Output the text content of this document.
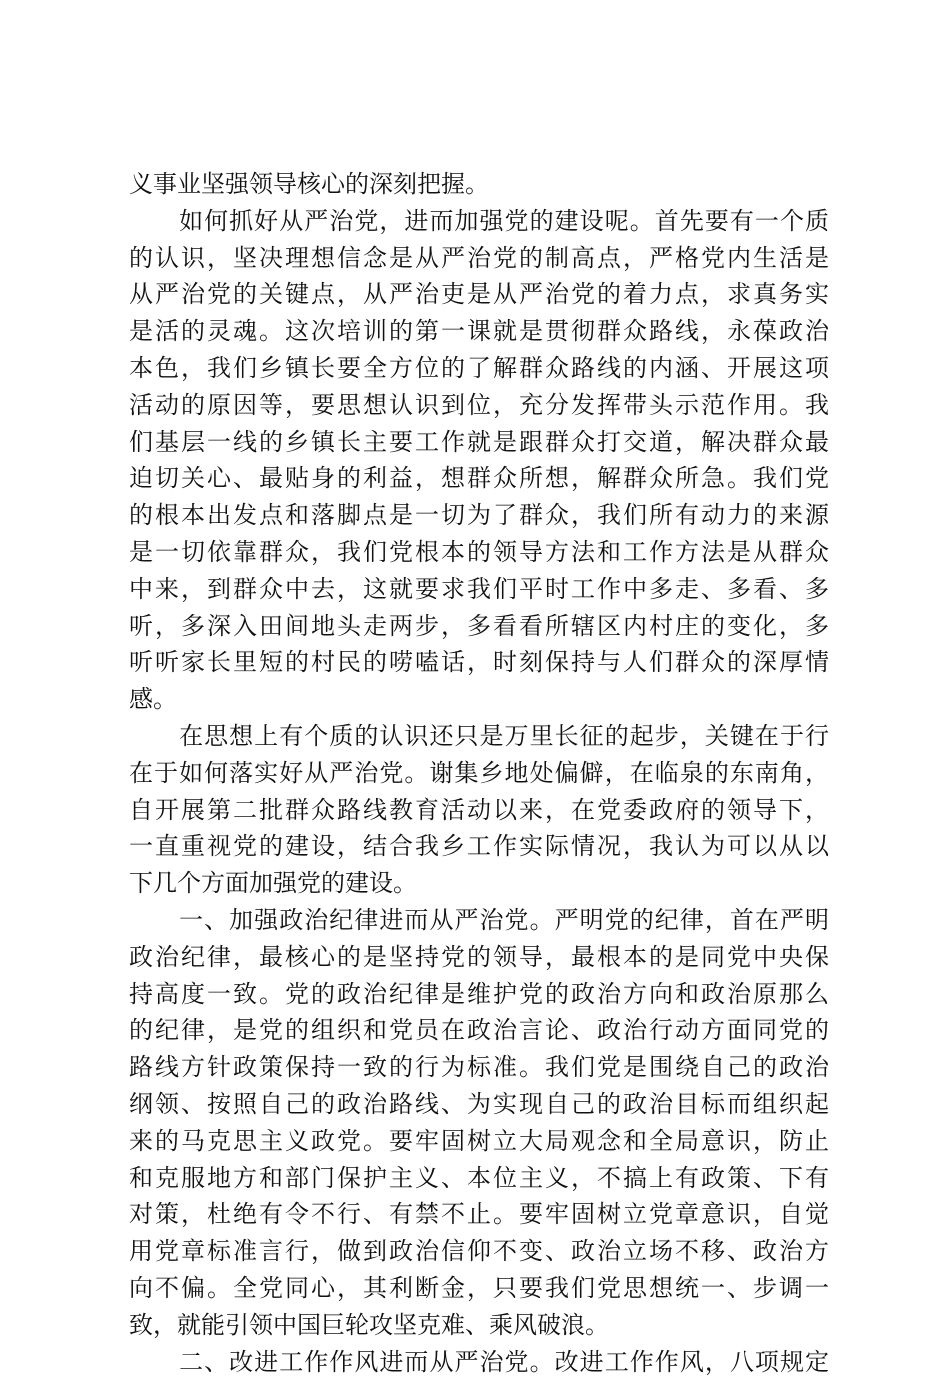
义事业坚强领导核心的深刻把握。
　　如何抓好从严治党，进而加强党的建设呢。首先要有一个质
的认识，坚决理想信念是从严治党的制高点，严格党内生活是
从严治党的关键点，从严治吏是从严治党的着力点，求真务实
是活的灵魂。这次培训的第一课就是贯彻群众路线，永葆政治
本色，我们乡镇长要全方位的了解群众路线的内涵、开展这项
活动的原因等，要思想认识到位，充分发挥带头示范作用。我
们基层一线的乡镇长主要工作就是跟群众打交道，解决群众最
迫切关心、最贴身的利益，想群众所想，解群众所急。我们党
的根本出发点和落脚点是一切为了群众，我们所有动力的来源
是一切依靠群众，我们党根本的领导方法和工作方法是从群众
中来，到群众中去，这就要求我们平时工作中多走、多看、多
听，多深入田间地头走两步，多看看所辖区内村庄的变化，多
听听家长里短的村民的唠嗑话，时刻保持与人们群众的深厚情
感。
　　在思想上有个质的认识还只是万里长征的起步，关键在于行
在于如何落实好从严治党。谢集乡地处偏僻，在临泉的东南角，
自开展第二批群众路线教育活动以来，在党委政府的领导下，
一直重视党的建设，结合我乡工作实际情况，我认为可以从以
下几个方面加强党的建设。
　　一、加强政治纪律进而从严治党。严明党的纪律，首在严明
政治纪律，最核心的是坚持党的领导，最根本的是同党中央保
持高度一致。党的政治纪律是维护党的政治方向和政治原那么
的纪律，是党的组织和党员在政治言论、政治行动方面同党的
路线方针政策保持一致的行为标准。我们党是围绕自己的政治
纲领、按照自己的政治路线、为实现自己的政治目标而组织起
来的马克思主义政党。要牢固树立大局观念和全局意识，防止
和克服地方和部门保护主义、本位主义，不搞上有政策、下有
对策，杜绝有令不行、有禁不止。要牢固树立党章意识，自觉
用党章标准言行，做到政治信仰不变、政治立场不移、政治方
向不偏。全党同心，其利断金，只要我们党思想统一、步调一
致，就能引领中国巨轮攻坚克难、乘风破浪。
　　二、改进工作作风进而从严治党。改进工作作风，八项规定
